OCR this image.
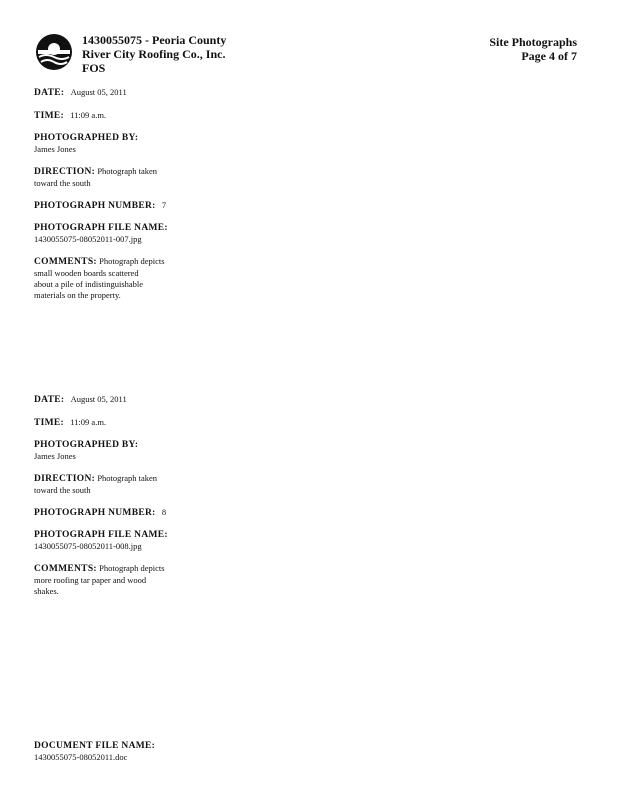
1430055075 - Peoria County
River City Roofing Co., Inc.
FOS
Site Photographs
Page 4 of 7
DATE: August 05, 2011
TIME: 11:09 a.m.
PHOTOGRAPHED BY:
James Jones
DIRECTION: Photograph taken
toward the south
PHOTOGRAPH NUMBER: 7
PHOTOGRAPH FILE NAME:
1430055075-08052011-007.jpg
COMMENTS: Photograph depicts
small wooden boards scattered
about a pile of indistinguishable
materials on the property.
DATE: August 05, 2011
TIME: 11:09 a.m.
PHOTOGRAPHED BY:
James Jones
DIRECTION: Photograph taken
toward the south
PHOTOGRAPH NUMBER: 8
PHOTOGRAPH FILE NAME:
1430055075-08052011-008.jpg
COMMENTS: Photograph depicts
more roofing tar paper and wood
shakes.
DOCUMENT FILE NAME:
1430055075-08052011.doc
